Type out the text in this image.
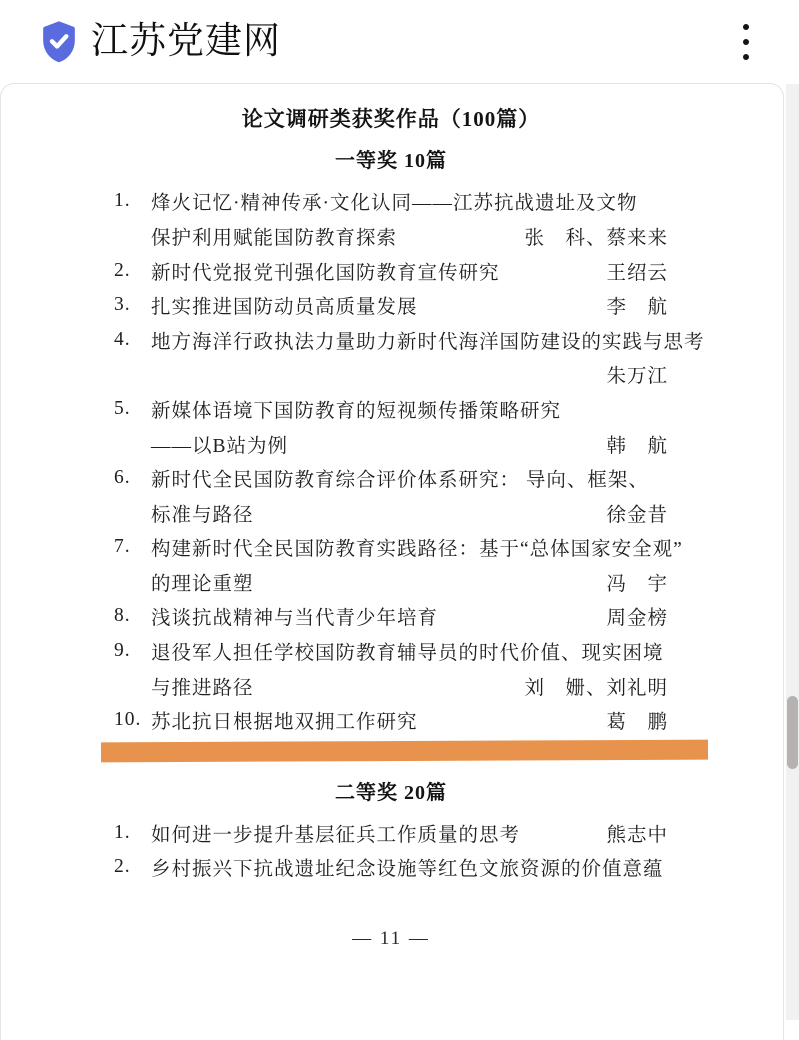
江苏党建网
论文调研类获奖作品（100篇）
一等奖 10篇
1.	烽火记忆·精神传承·文化认同——江苏抗战遗址及文物
保护利用赋能国防教育探索	张　科、蔡来来
2.	新时代党报党刊强化国防教育宣传研究	王绍云
3.	扎实推进国防动员高质量发展	李　航
4.	地方海洋行政执法力量助力新时代海洋国防建设的实践与思考
朱万江
5.	新媒体语境下国防教育的短视频传播策略研究
——以B站为例	韩　航
6.	新时代全民国防教育综合评价体系研究： 导向、框架、
标准与路径	徐金昔
7.	构建新时代全民国防教育实践路径：基于“总体国家安全观”
的理论重塑	冯　宇
8.	浅谈抗战精神与当代青少年培育	周金榜
9.	退役军人担任学校国防教育辅导员的时代价值、现实困境
与推进路径	刘　姗、刘礼明
10. 苏北抗日根据地双拥工作研究	葛　鹏
二等奖 20篇
1.	如何进一步提升基层征兵工作质量的思考	熊志中
2.	乡村振兴下抗战遗址纪念设施等红色文旅资源的价值意蕴
— 11 —
